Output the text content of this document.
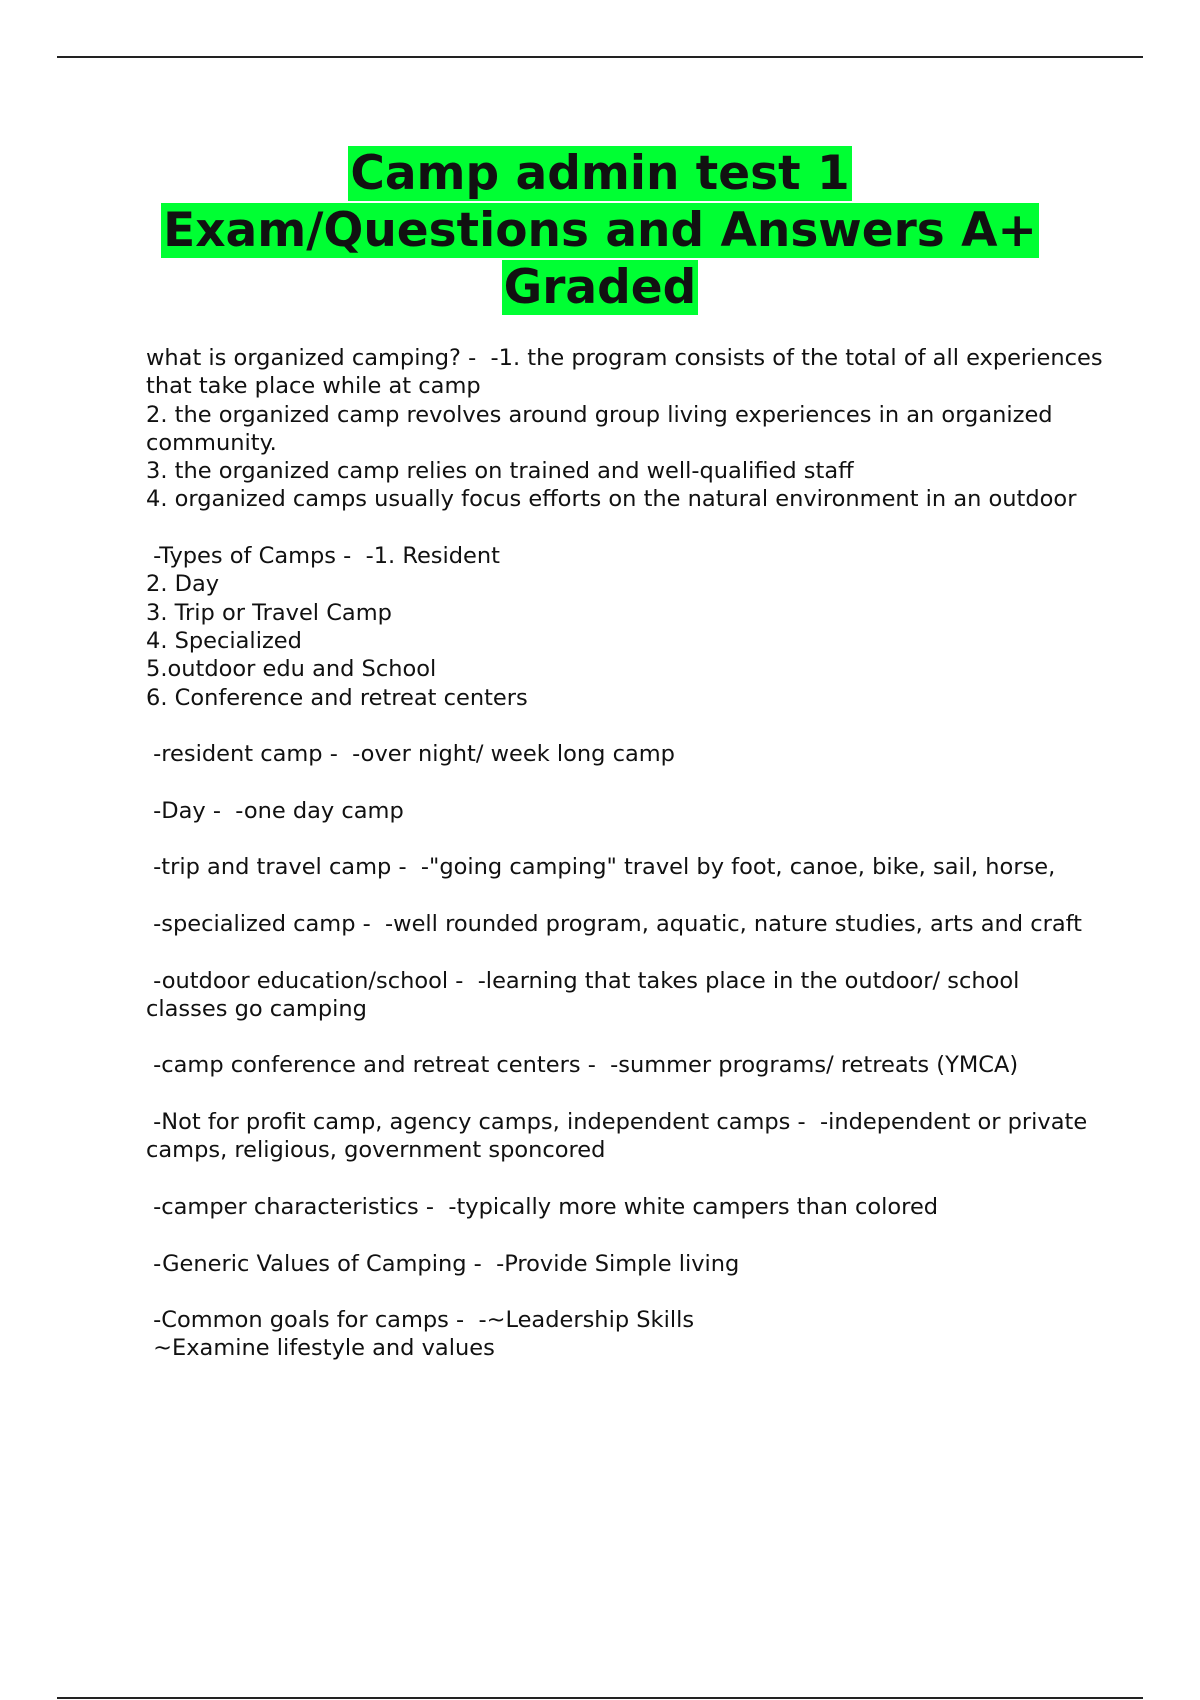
Camp admin test 1
Exam/Questions and Answers A+
Graded
what is organized camping? -  -1. the program consists of the total of all experiences that take place while at camp
2. the organized camp revolves around group living experiences in an organized community.
3. the organized camp relies on trained and well-qualified staff
4. organized camps usually focus efforts on the natural environment in an outdoor
-Types of Camps -  -1. Resident
2. Day
3. Trip or Travel Camp
4. Specialized
5.outdoor edu and School
6. Conference and retreat centers
-resident camp -  -over night/ week long camp
-Day -  -one day camp
-trip and travel camp -  -"going camping" travel by foot, canoe, bike, sail, horse,
-specialized camp -  -well rounded program, aquatic, nature studies, arts and craft
-outdoor education/school -  -learning that takes place in the outdoor/ school classes go camping
-camp conference and retreat centers -  -summer programs/ retreats (YMCA)
-Not for profit camp, agency camps, independent camps -  -independent or private camps, religious, government sponcored
-camper characteristics -  -typically more white campers than colored
-Generic Values of Camping -  -Provide Simple living
-Common goals for camps -  -~Leadership Skills
~Examine lifestyle and values
